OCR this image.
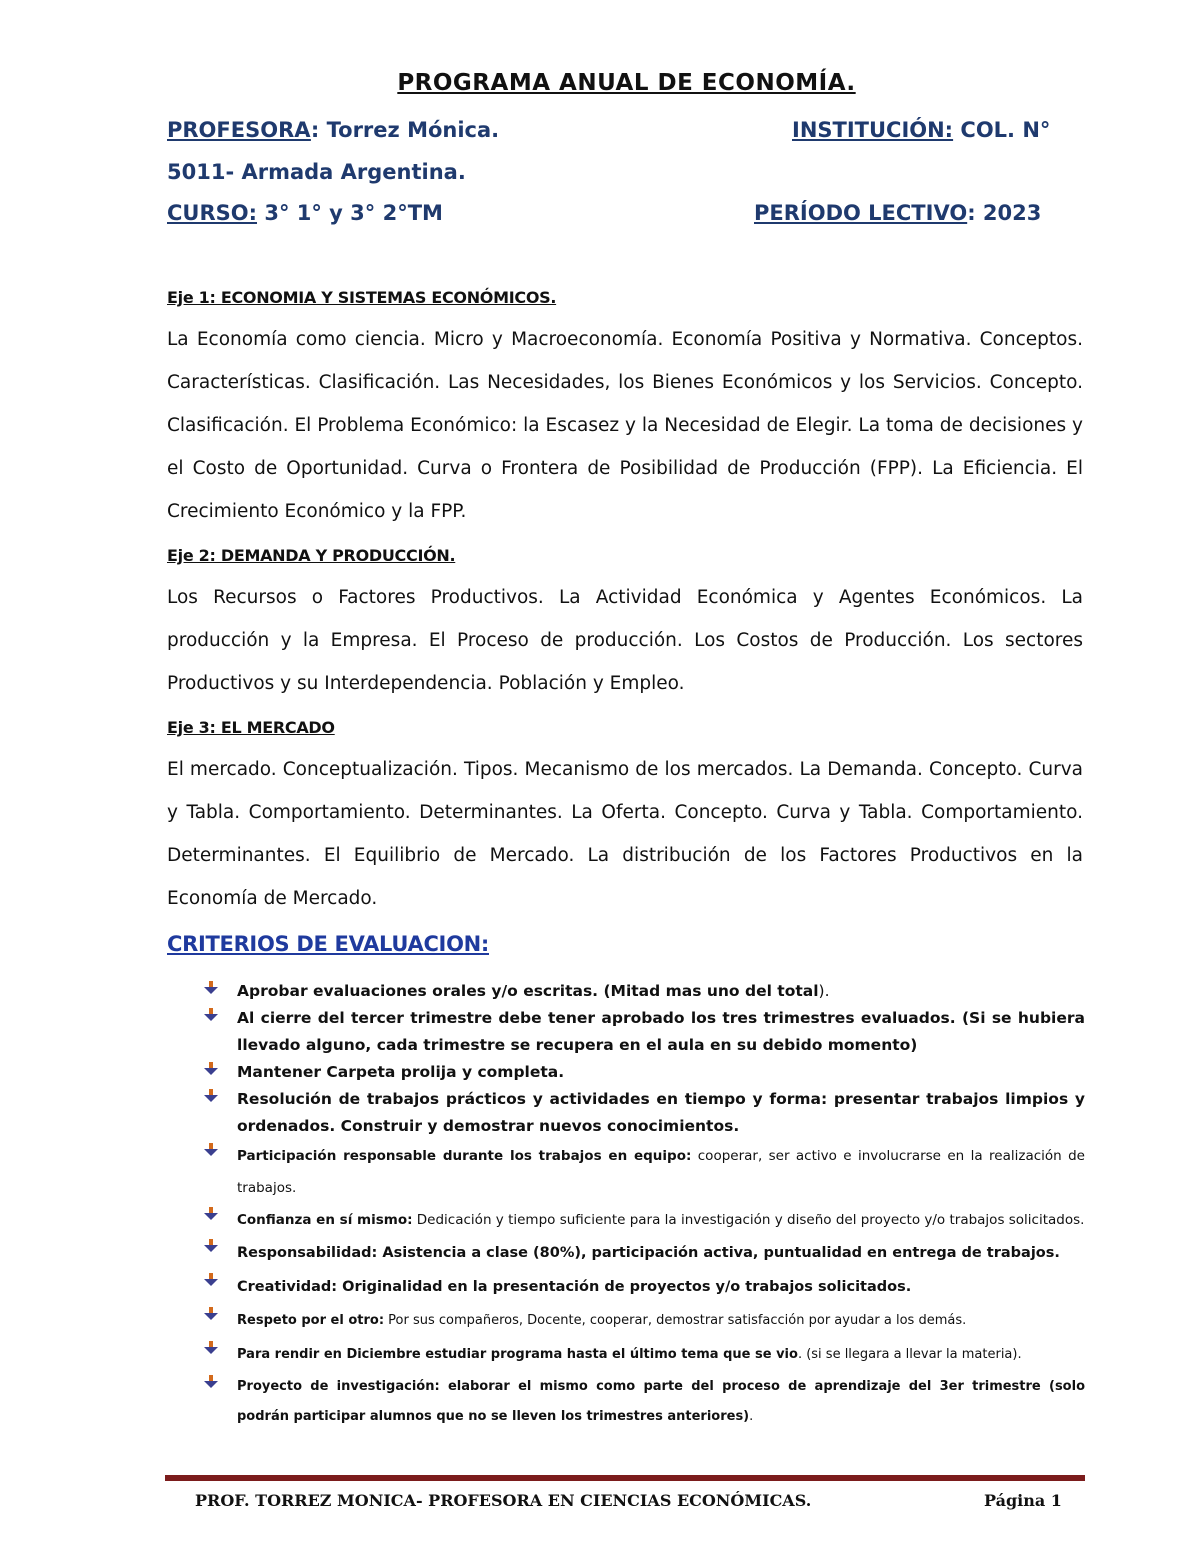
PROGRAMA ANUAL DE ECONOMÍA.
PROFESORA: Torrez Mónica.	INSTITUCIÓN: COL. N°
5011- Armada Argentina.
CURSO: 3° 1° y 3° 2°TM	PERÍODO LECTIVO: 2023
Eje 1: ECONOMIA Y SISTEMAS ECONÓMICOS.

La Economía como ciencia. Micro y Macroeconomía. Economía Positiva y Normativa. Conceptos. Características. Clasificación. Las Necesidades, los Bienes Económicos y los Servicios. Concepto. Clasificación. El Problema Económico: la Escasez y la Necesidad de Elegir. La toma de decisiones y el Costo de Oportunidad. Curva o Frontera de Posibilidad de Producción (FPP). La Eficiencia. El Crecimiento Económico y la FPP.

Eje 2: DEMANDA Y PRODUCCIÓN.

Los Recursos o Factores Productivos. La Actividad Económica y Agentes Económicos. La producción y la Empresa. El Proceso de producción. Los Costos de Producción. Los sectores Productivos y su Interdependencia. Población y Empleo.

Eje 3: EL MERCADO

El mercado. Conceptualización. Tipos. Mecanismo de los mercados. La Demanda. Concepto. Curva y Tabla. Comportamiento. Determinantes. La Oferta. Concepto. Curva y Tabla. Comportamiento. Determinantes. El Equilibrio de Mercado. La distribución de los Factores Productivos en la Economía de Mercado.

CRITERIOS DE EVALUACION:
Aprobar evaluaciones orales y/o escritas. (Mitad mas uno del total).
Al cierre del tercer trimestre debe tener aprobado los tres trimestres evaluados. (Si se hubiera llevado alguno, cada trimestre se recupera en el aula en su debido momento)
Mantener Carpeta prolija y completa.
Resolución de trabajos prácticos y actividades en tiempo y forma: presentar trabajos limpios y ordenados. Construir y demostrar nuevos conocimientos.
Participación responsable durante los trabajos en equipo: cooperar, ser activo e involucrarse en la realización de trabajos.
Confianza en sí mismo: Dedicación y tiempo suficiente para la investigación y diseño del proyecto y/o trabajos solicitados.
Responsabilidad: Asistencia a clase (80%), participación activa, puntualidad en entrega de trabajos.
Creatividad: Originalidad en la presentación de proyectos y/o trabajos solicitados.
Respeto por el otro: Por sus compañeros, Docente, cooperar, demostrar satisfacción por ayudar a los demás.
Para rendir en Diciembre estudiar programa hasta el último tema que se vio. (si se llegara a llevar la materia).
Proyecto de investigación: elaborar el mismo como parte del proceso de aprendizaje del 3er trimestre (solo podrán participar alumnos que no se lleven los trimestres anteriores).
PROF. TORREZ MONICA- PROFESORA EN CIENCIAS ECONÓMICAS.	Página 1
